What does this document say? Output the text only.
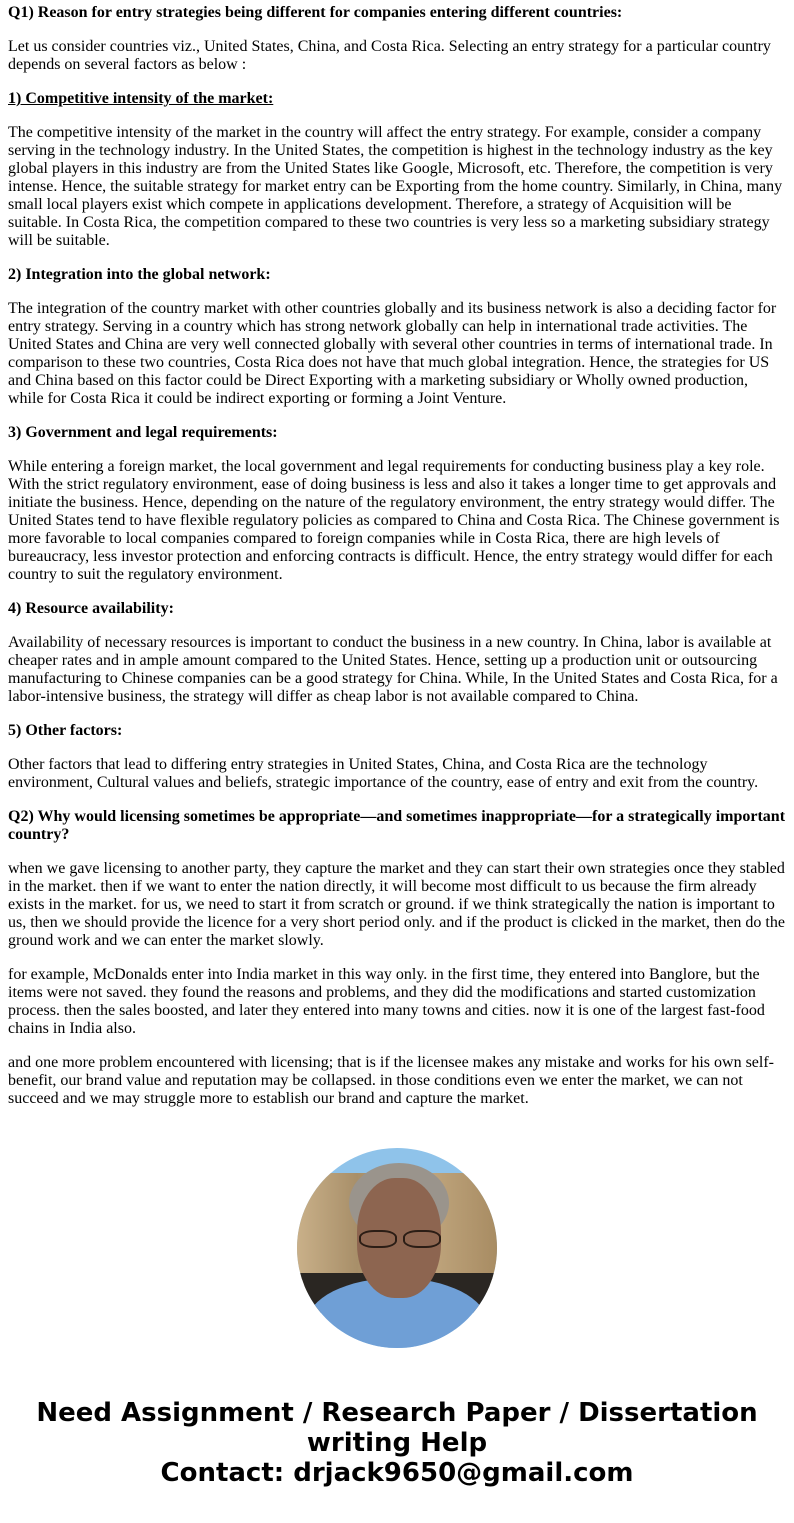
Q1) Reason for entry strategies being different for companies entering different countries:

Let us consider countries viz., United States, China, and Costa Rica. Selecting an entry strategy for a particular country depends on several factors as below :

1) Competitive intensity of the market:

The competitive intensity of the market in the country will affect the entry strategy. For example, consider a company serving in the technology industry. In the United States, the competition is highest in the technology industry as the key global players in this industry are from the United States like Google, Microsoft, etc. Therefore, the competition is very intense. Hence, the suitable strategy for market entry can be Exporting from the home country. Similarly, in China, many small local players exist which compete in applications development. Therefore, a strategy of Acquisition will be suitable. In Costa Rica, the competition compared to these two countries is very less so a marketing subsidiary strategy will be suitable.

2) Integration into the global network:

The integration of the country market with other countries globally and its business network is also a deciding factor for entry strategy. Serving in a country which has strong network globally can help in international trade activities. The United States and China are very well connected globally with several other countries in terms of international trade. In comparison to these two countries, Costa Rica does not have that much global integration. Hence, the strategies for US and China based on this factor could be Direct Exporting with a marketing subsidiary or Wholly owned production, while for Costa Rica it could be indirect exporting or forming a Joint Venture.

3) Government and legal requirements:

While entering a foreign market, the local government and legal requirements for conducting business play a key role. With the strict regulatory environment, ease of doing business is less and also it takes a longer time to get approvals and initiate the business. Hence, depending on the nature of the regulatory environment, the entry strategy would differ. The United States tend to have flexible regulatory policies as compared to China and Costa Rica. The Chinese government is more favorable to local companies compared to foreign companies while in Costa Rica, there are high levels of bureaucracy, less investor protection and enforcing contracts is difficult. Hence, the entry strategy would differ for each country to suit the regulatory environment.

4) Resource availability:

Availability of necessary resources is important to conduct the business in a new country. In China, labor is available at cheaper rates and in ample amount compared to the United States. Hence, setting up a production unit or outsourcing manufacturing to Chinese companies can be a good strategy for China. While, In the United States and Costa Rica, for a labor-intensive business, the strategy will differ as cheap labor is not available compared to China.

5) Other factors:

Other factors that lead to differing entry strategies in United States, China, and Costa Rica are the technology environment, Cultural values and beliefs, strategic importance of the country, ease of entry and exit from the country.

Q2) Why would licensing sometimes be appropriate—and sometimes inappropriate—for a strategically important country?

when we gave licensing to another party, they capture the market and they can start their own strategies once they stabled in the market. then if we want to enter the nation directly, it will become most difficult to us because the firm already exists in the market. for us, we need to start it from scratch or ground. if we think strategically the nation is important to us, then we should provide the licence for a very short period only. and if the product is clicked in the market, then do the ground work and we can enter the market slowly.

for example, McDonalds enter into India market in this way only. in the first time, they entered into Banglore, but the items were not saved. they found the reasons and problems, and they did the modifications and started customization process. then the sales boosted, and later they entered into many towns and cities. now it is one of the largest fast-food chains in India also.

and one more problem encountered with licensing; that is if the licensee makes any mistake and works for his own self-benefit, our brand value and reputation may be collapsed. in those conditions even we enter the market, we can not succeed and we may struggle more to establish our brand and capture the market.

Need Assignment / Research Paper / Dissertation writing Help
Contact: drjack9650@gmail.com
